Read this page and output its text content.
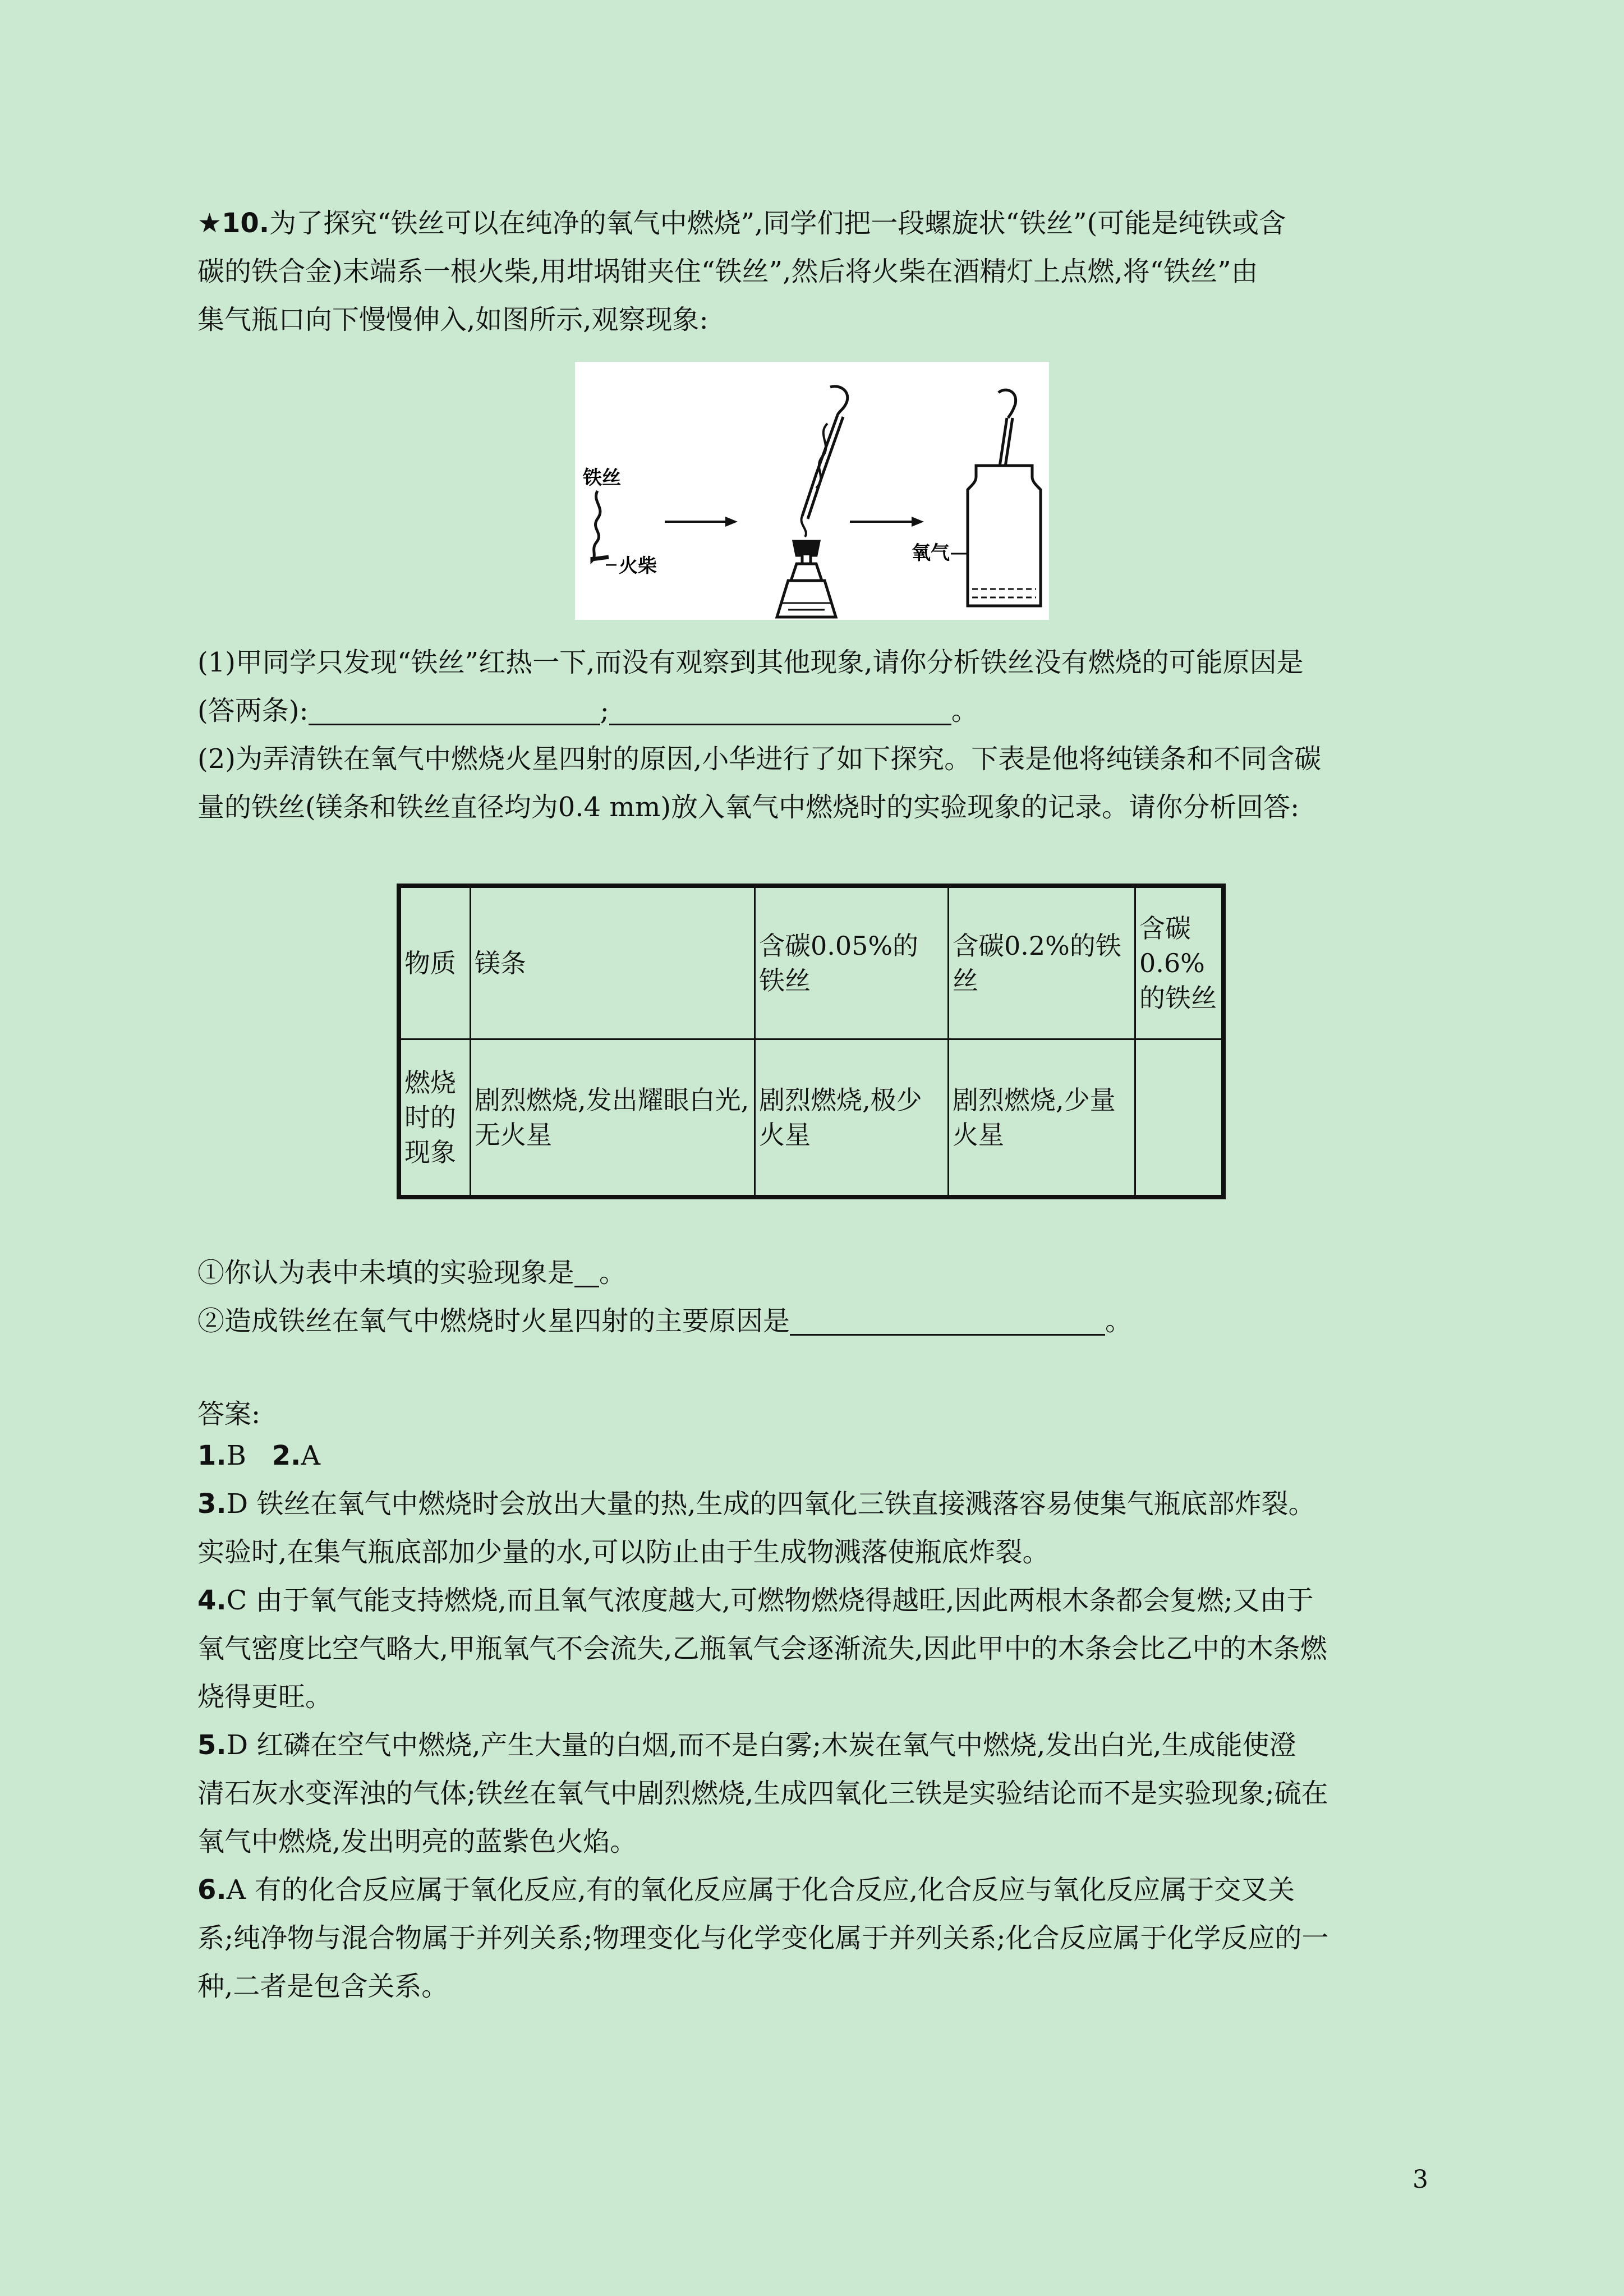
★10.为了探究“铁丝可以在纯净的氧气中燃烧”,同学们把一段螺旋状“铁丝”(可能是纯铁或含
碳的铁合金)末端系一根火柴,用坩埚钳夹住“铁丝”,然后将火柴在酒精灯上点燃,将“铁丝”由
集气瓶口向下慢慢伸入,如图所示,观察现象:
铁丝
火柴
氧气
(1)甲同学只发现“铁丝”红热一下,而没有观察到其他现象,请你分析铁丝没有燃烧的可能原因是
(答两条):	;	。
(2)为弄清铁在氧气中燃烧火星四射的原因,小华进行了如下探究。下表是他将纯镁条和不同含碳
量的铁丝(镁条和铁丝直径均为0.4 mm)放入氧气中燃烧时的实验现象的记录。请你分析回答:
物质	镁条	含碳0.05%的铁丝	含碳0.2%的铁丝	含碳0.6%的铁丝
燃烧时的现象	剧烈燃烧,发出耀眼白光,无火星	剧烈燃烧,极少火星	剧烈燃烧,少量火星	
①你认为表中未填的实验现象是 。
②造成铁丝在氧气中燃烧时火星四射的主要原因是	。
答案:
1.B 2.A
3.D 铁丝在氧气中燃烧时会放出大量的热,生成的四氧化三铁直接溅落容易使集气瓶底部炸裂。
实验时,在集气瓶底部加少量的水,可以防止由于生成物溅落使瓶底炸裂。
4.C 由于氧气能支持燃烧,而且氧气浓度越大,可燃物燃烧得越旺,因此两根木条都会复燃;又由于
氧气密度比空气略大,甲瓶氧气不会流失,乙瓶氧气会逐渐流失,因此甲中的木条会比乙中的木条燃
烧得更旺。
5.D 红磷在空气中燃烧,产生大量的白烟,而不是白雾;木炭在氧气中燃烧,发出白光,生成能使澄
清石灰水变浑浊的气体;铁丝在氧气中剧烈燃烧,生成四氧化三铁是实验结论而不是实验现象;硫在
氧气中燃烧,发出明亮的蓝紫色火焰。
6.A 有的化合反应属于氧化反应,有的氧化反应属于化合反应,化合反应与氧化反应属于交叉关
系;纯净物与混合物属于并列关系;物理变化与化学变化属于并列关系;化合反应属于化学反应的一
种,二者是包含关系。
3
